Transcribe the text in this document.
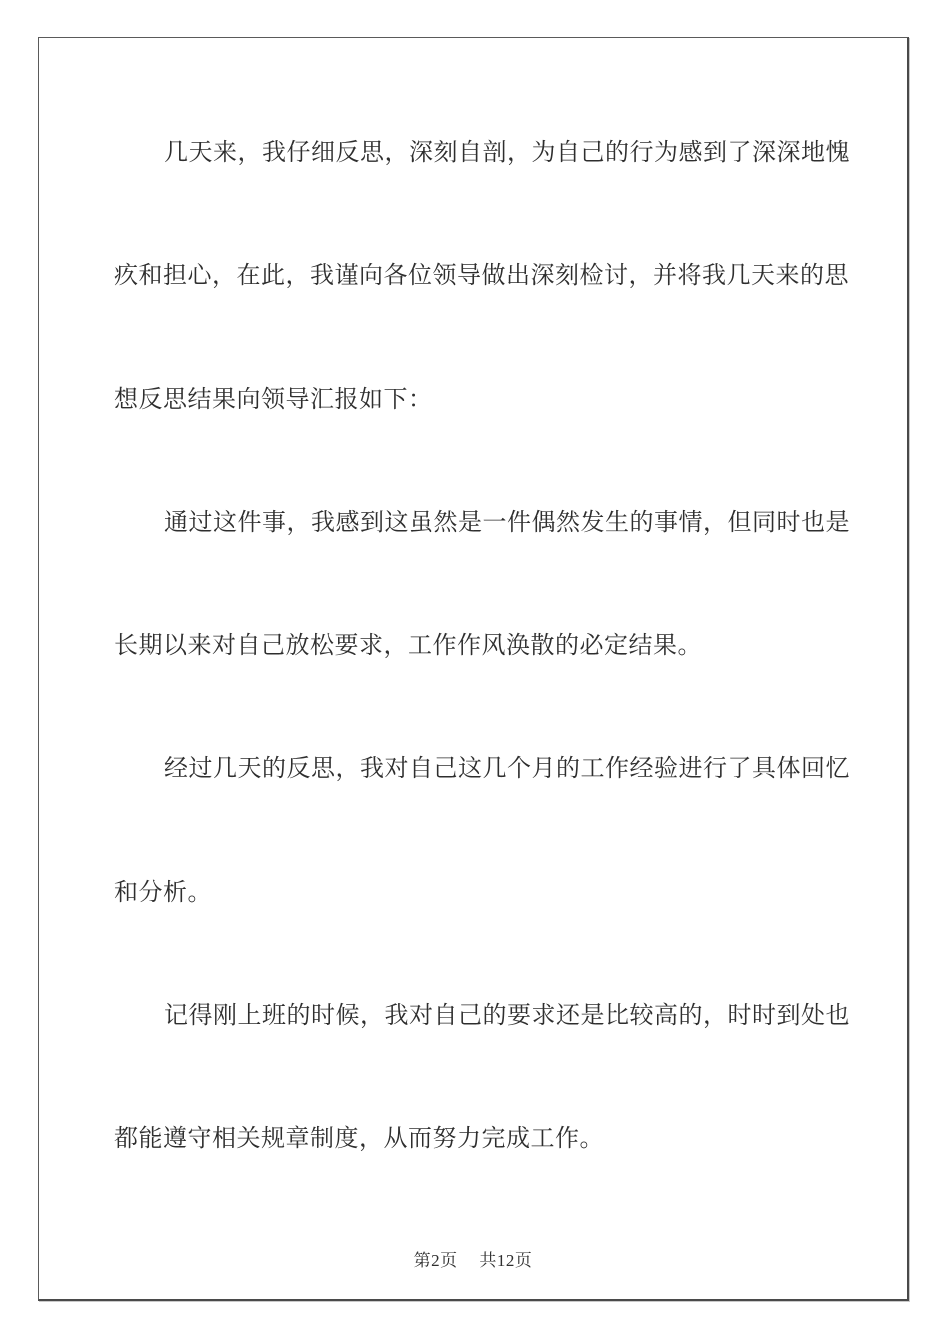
几天来，我仔细反思，深刻自剖，为自己的行为感到了深深地愧
疚和担心，在此，我谨向各位领导做出深刻检讨，并将我几天来的思
想反思结果向领导汇报如下：
通过这件事，我感到这虽然是一件偶然发生的事情，但同时也是
长期以来对自己放松要求，工作作风涣散的必定结果。
经过几天的反思，我对自己这几个月的工作经验进行了具体回忆
和分析。
记得刚上班的时候，我对自己的要求还是比较高的，时时到处也
都能遵守相关规章制度，从而努力完成工作。
第2页 共12页
